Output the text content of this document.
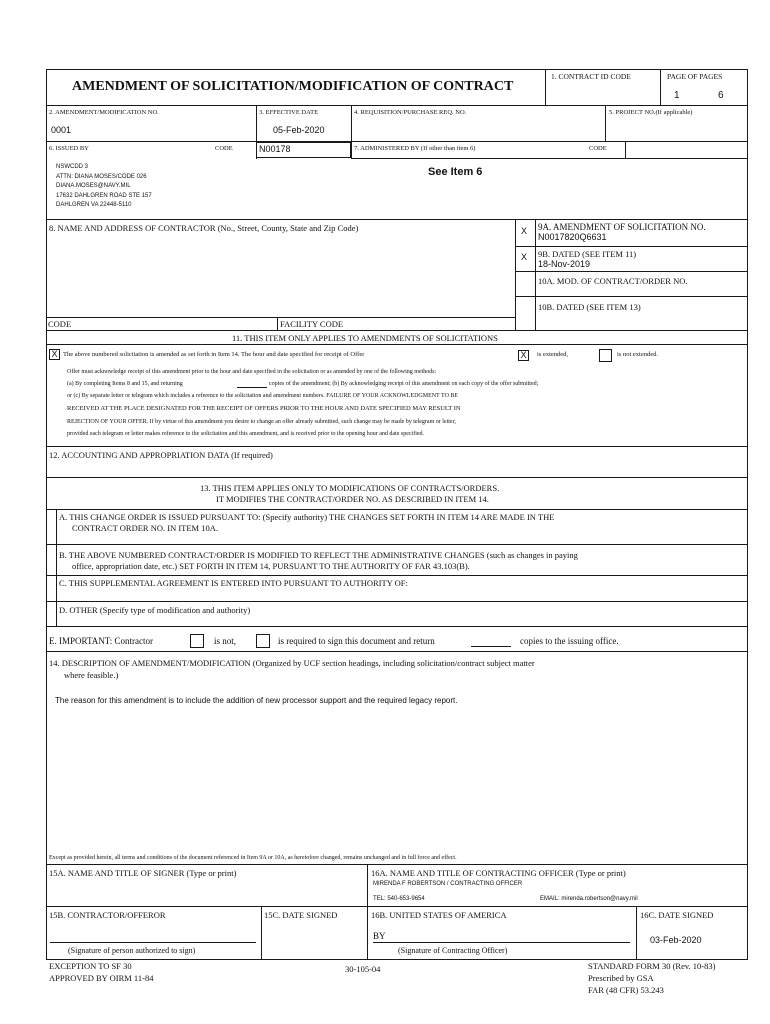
AMENDMENT OF SOLICITATION/MODIFICATION OF CONTRACT
1. CONTRACT ID CODE	PAGE OF PAGES
1	6
2. AMENDMENT/MODIFICATION NO.
0001
3. EFFECTIVE DATE
05-Feb-2020
4. REQUISITION/PURCHASE REQ. NO.	5. PROJECT NO.(If applicable)
6. ISSUED BY	CODE	N00178	7. ADMINISTERED BY (If other than item 6)	CODE
NSWCDD 3
ATTN: DIANA MOSES/CODE 026
DIANA.MOSES@NAVY.MIL
17632 DAHLGREN ROAD STE 157
DAHLGREN VA 22448-5110
See Item 6
8. NAME AND ADDRESS OF CONTRACTOR (No., Street, County, State and Zip Code)	X 9A. AMENDMENT OF SOLICITATION NO.
N0017820Q6631
X 9B. DATED (SEE ITEM 11)
18-Nov-2019
10A. MOD. OF CONTRACT/ORDER NO.
10B. DATED (SEE ITEM 13)
CODE	FACILITY CODE
11. THIS ITEM ONLY APPLIES TO AMENDMENTS OF SOLICITATIONS
X The above numbered solicitation is amended as set forth in Item 14. The hour and date specified for receipt of Offer	X	is extended,	is not extended.
Offer must acknowledge receipt of this amendment prior to the hour and date specified in the solicitation or as amended by one of the following methods:
(a) By completing Items 8 and 15, and returning	copies of the amendment; (b) By acknowledging receipt of this amendment on each copy of the offer submitted;
or (c) By separate letter or telegram which includes a reference to the solicitation and amendment numbers. FAILURE OF YOUR ACKNOWLEDGMENT TO BE
RECEIVED AT THE PLACE DESIGNATED FOR THE RECEIPT OF OFFERS PRIOR TO THE HOUR AND DATE SPECIFIED MAY RESULT IN
REJECTION OF YOUR OFFER. If by virtue of this amendment you desire to change an offer already submitted, such change may be made by telegram or letter,
provided each telegram or letter makes reference to the solicitation and this amendment, and is received prior to the opening hour and date specified.
12. ACCOUNTING AND APPROPRIATION DATA (If required)
13. THIS ITEM APPLIES ONLY TO MODIFICATIONS OF CONTRACTS/ORDERS.
IT MODIFIES THE CONTRACT/ORDER NO. AS DESCRIBED IN ITEM 14.
A. THIS CHANGE ORDER IS ISSUED PURSUANT TO: (Specify authority) THE CHANGES SET FORTH IN ITEM 14 ARE MADE IN THE
CONTRACT ORDER NO. IN ITEM 10A.
B. THE ABOVE NUMBERED CONTRACT/ORDER IS MODIFIED TO REFLECT THE ADMINISTRATIVE CHANGES (such as changes in paying
office, appropriation date, etc.) SET FORTH IN ITEM 14, PURSUANT TO THE AUTHORITY OF FAR 43.103(B).
C. THIS SUPPLEMENTAL AGREEMENT IS ENTERED INTO PURSUANT TO AUTHORITY OF:
D. OTHER (Specify type of modification and authority)
E. IMPORTANT: Contractor	is not,	is required to sign this document and return	copies to the issuing office.
14. DESCRIPTION OF AMENDMENT/MODIFICATION (Organized by UCF section headings, including solicitation/contract subject matter
where feasible.)
The reason for this amendment is to include the addition of new processor support and the required legacy report.
Except as provided herein, all terms and conditions of the document referenced in Item 9A or 10A, as heretofore changed, remains unchanged and in full force and effect.
15A. NAME AND TITLE OF SIGNER (Type or print)	16A. NAME AND TITLE OF CONTRACTING OFFICER (Type or print)
MIRENDA F ROBERTSON / CONTRACTING OFFICER
TEL: 540-653-9654	EMAIL: mirenda.robertson@navy.mil
15B. CONTRACTOR/OFFEROR
(Signature of person authorized to sign)
15C. DATE SIGNED	16B. UNITED STATES OF AMERICA
BY
(Signature of Contracting Officer)
16C. DATE SIGNED
03-Feb-2020
EXCEPTION TO SF 30
APPROVED BY OIRM 11-84
30-105-04	STANDARD FORM 30 (Rev. 10-83)
Prescribed by GSA
FAR (48 CFR) 53.243
